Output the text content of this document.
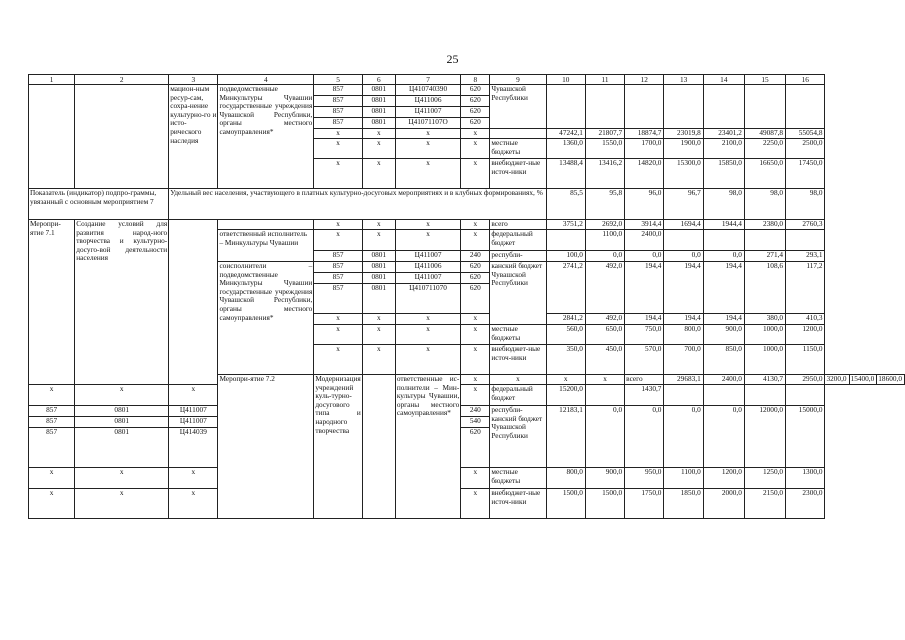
25
1	2	3	4	5	6	7	8	9	10	11	12	13	14	15	16			
		мацион-ным ресур-сам, сохра-нение культурно-го и исто-рического наследия	подведомственные Минкультуры Чувашии государственные учреждения Чувашской Республики, органы местного самоуправления*	857	0801	Ц410740390	620	Чувашской Республики										
				857	0801	Ц411006	620											
				857	0801	Ц411007	620											
				857	0801	Ц41071107О	620											
				x	x	x	x		47242,1	21807,7	18874,7	23019,8	23401,2	49087,8	55054,8			
				x	x	x	x	местные бюджеты	1360,0	1550,0	1700,0	1900,0	2100,0	2250,0	2500,0			
				x	x	x	x	внебюджет-ные источ-ники	13488,4	13416,2	14820,0	15300,0	15850,0	16650,0	17450,0			
Показатель (индикатор) подпро-граммы, увязанный с основным мероприятием 7		Удельный вес населения, участвующего в платных культурно-досуговых мероприятиях и в клубных формированиях, %							85,5	95,8	96,0	96,7	98,0	98,0	98,0			
Меропри-ятие 7.1	Создание условий для развития народ-ного творчества и культурно-досуго-вой деятельности населения			x	x	x	x	всего	3751,2	2692,0	3914,4	1694,4	1944,4	2380,0	2760,3			
			ответственный исполнитель – Минкультуры Чувашии	x	x	x	x	федеральный бюджет		1100,0	2400,0							
				857	0801	Ц411007	240	республи-	100,0	0,0	0,0	0,0	0,0	271,4	293,1			
			соисполнители – подведомственные Минкультуры Чувашии государственные учреждения Чувашской Республики, органы местного самоуправления*	857	0801	Ц411006	620	канский бюджет Чувашской Республики	2741,2	492,0	194,4	194,4	194,4	108,6	117,2			
				857	0801	Ц411007	620											
				857	0801	Ц410711070	620											
				x	x	x	x		2841,2	492,0	194,4	194,4	194,4	380,0	410,3			
				x	x	x	x	местные бюджеты	560,0	650,0	750,0	800,0	900,0	1000,0	1200,0			
				x	x	x	x	внебюджет-ные источ-ники	350,0	450,0	570,0	700,0	850,0	1000,0	1150,0			
			Меропри-ятие 7.2	Модернизация учреждений куль-турно-досугового типа и народного творчества		ответственные ис-полнители – Мин-культуры Чувашии, органы местного самоуправления*	x	x	x	x	всего	29683,1	2400,0	4130,7	2950,0	3200,0	15400,0	18600,0
x	x	x					x	федеральный бюджет	15200,0		1430,7							
857	0801	Ц411007					240	республи-канский бюджет Чувашской Республики	12183,1	0,0	0,0	0,0	0,0	12000,0	15000,0			
857	0801	Ц411007					540											
857	0801	Ц414039					620											
x	x	x					x	местные бюджеты	800,0	900,0	950,0	1100,0	1200,0	1250,0	1300,0			
x	x	x					x	внебюджет-ные источ-ники	1500,0	1500,0	1750,0	1850,0	2000,0	2150,0	2300,0			
